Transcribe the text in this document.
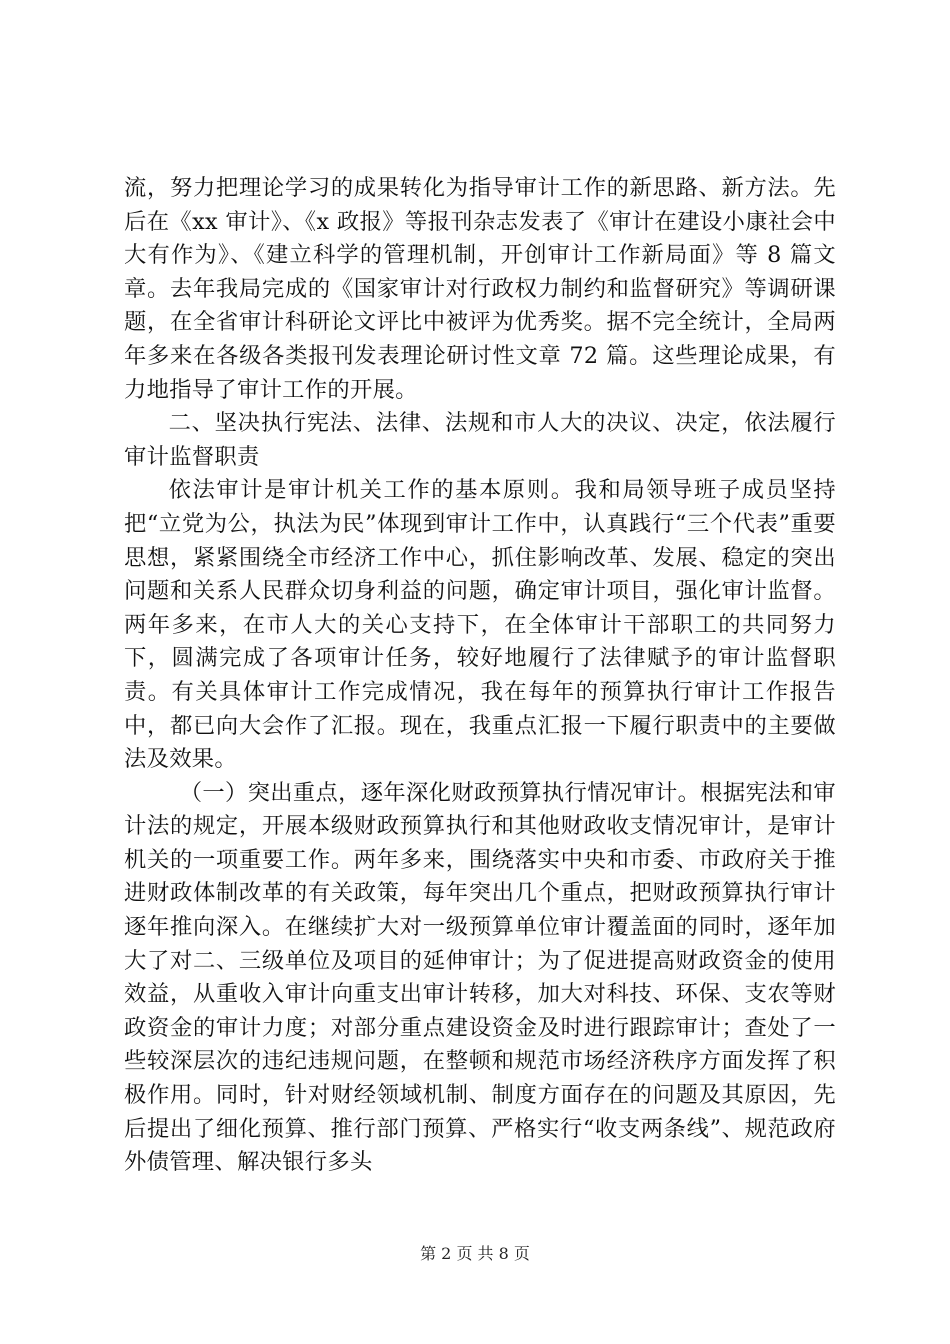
流，努力把理论学习的成果转化为指导审计工作的新思路、新方法。先后在《xx 审计》、《x 政报》等报刊杂志发表了《审计在建设小康社会中大有作为》、《建立科学的管理机制，开创审计工作新局面》等 8 篇文章。去年我局完成的《国家审计对行政权力制约和监督研究》等调研课题，在全省审计科研论文评比中被评为优秀奖。据不完全统计，全局两年多来在各级各类报刊发表理论研讨性文章 72 篇。这些理论成果，有力地指导了审计工作的开展。

二、坚决执行宪法、法律、法规和市人大的决议、决定，依法履行审计监督职责

依法审计是审计机关工作的基本原则。我和局领导班子成员坚持把“立党为公，执法为民”体现到审计工作中，认真践行“三个代表”重要思想，紧紧围绕全市经济工作中心，抓住影响改革、发展、稳定的突出问题和关系人民群众切身利益的问题，确定审计项目，强化审计监督。两年多来，在市人大的关心支持下，在全体审计干部职工的共同努力下，圆满完成了各项审计任务，较好地履行了法律赋予的审计监督职责。有关具体审计工作完成情况，我在每年的预算执行审计工作报告中，都已向大会作了汇报。现在，我重点汇报一下履行职责中的主要做法及效果。

（一）突出重点，逐年深化财政预算执行情况审计。根据宪法和审计法的规定，开展本级财政预算执行和其他财政收支情况审计，是审计机关的一项重要工作。两年多来，围绕落实中央和市委、市政府关于推进财政体制改革的有关政策，每年突出几个重点，把财政预算执行审计逐年推向深入。在继续扩大对一级预算单位审计覆盖面的同时，逐年加大了对二、三级单位及项目的延伸审计；为了促进提高财政资金的使用效益，从重收入审计向重支出审计转移，加大对科技、环保、支农等财政资金的审计力度；对部分重点建设资金及时进行跟踪审计；查处了一些较深层次的违纪违规问题，在整顿和规范市场经济秩序方面发挥了积极作用。同时，针对财经领域机制、制度方面存在的问题及其原因，先后提出了细化预算、推行部门预算、严格实行“收支两条线”、规范政府外债管理、解决银行多头

第 2 页 共 8 页
